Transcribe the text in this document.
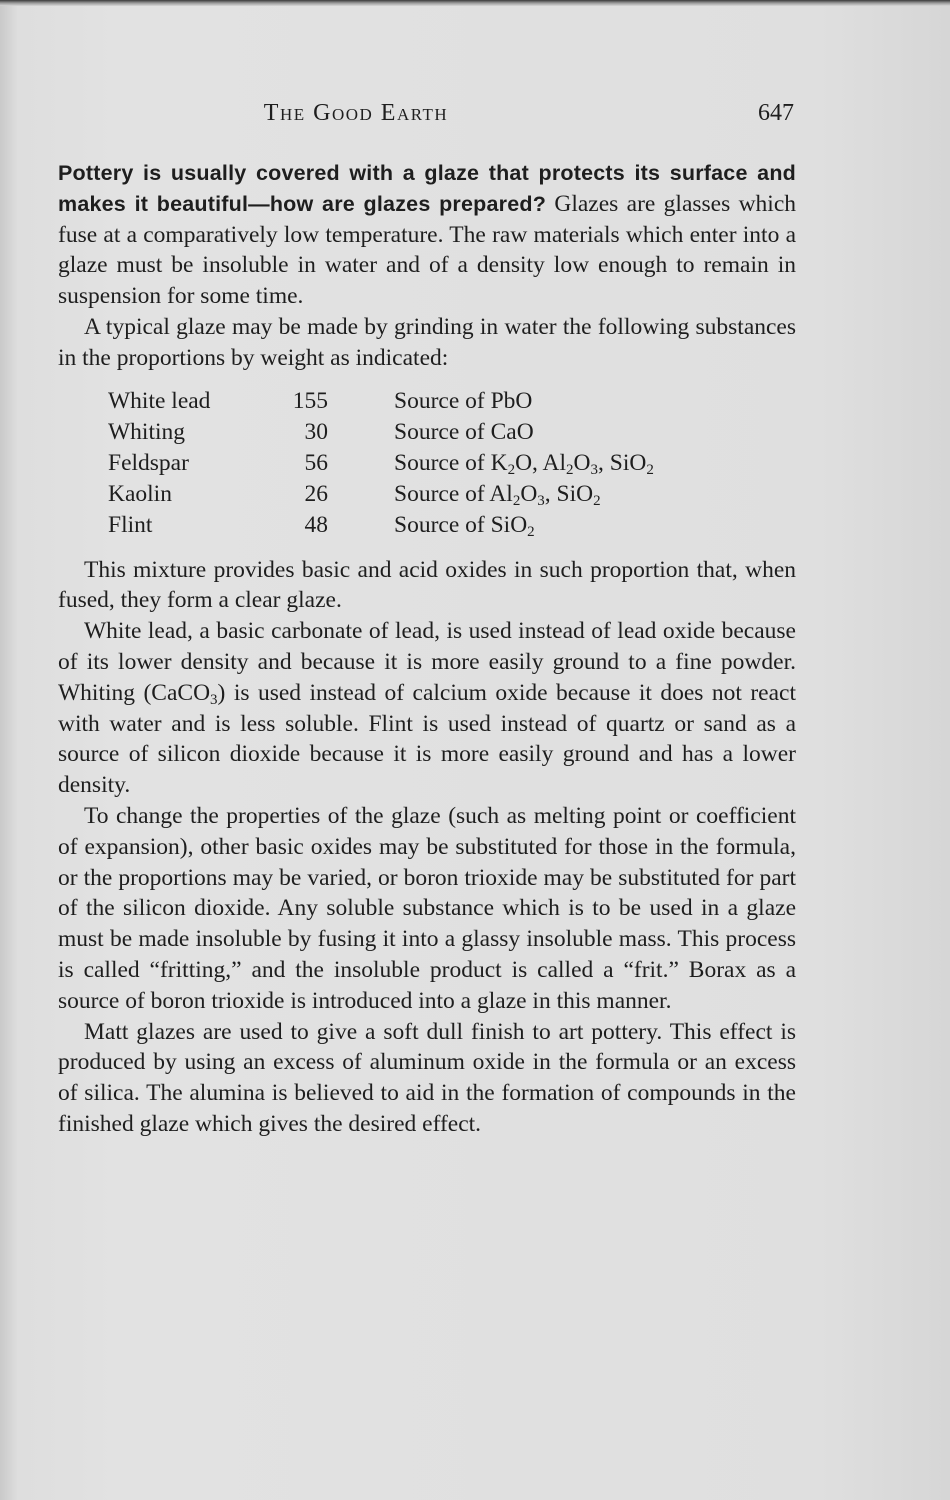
The Good Earth	647

Pottery is usually covered with a glaze that protects its surface and makes it beautiful—how are glazes prepared? Glazes are glasses which fuse at a comparatively low temperature. The raw materials which enter into a glaze must be insoluble in water and of a density low enough to remain in suspension for some time.

A typical glaze may be made by grinding in water the following substances in the proportions by weight as indicated:

White lead	155	Source of PbO
Whiting	30	Source of CaO
Feldspar	56	Source of $K_2O$, $Al_2O_3$, SiO$_2$
Kaolin	26	Source of $Al_2O_3$, SiO$_2$
Flint	48	Source of SiO$_2$

This mixture provides basic and acid oxides in such proportion that, when fused, they form a clear glaze.

White lead, a basic carbonate of lead, is used instead of lead oxide because of its lower density and because it is more easily ground to a fine powder. Whiting (CaCO$_3$) is used instead of calcium oxide because it does not react with water and is less soluble. Flint is used instead of quartz or sand as a source of silicon dioxide because it is more easily ground and has a lower density.

To change the properties of the glaze (such as melting point or coefficient of expansion), other basic oxides may be substituted for those in the formula, or the proportions may be varied, or boron trioxide may be substituted for part of the silicon dioxide. Any soluble substance which is to be used in a glaze must be made insoluble by fusing it into a glassy insoluble mass. This process is called “fritting,” and the insoluble product is called a “frit.” Borax as a source of boron trioxide is introduced into a glaze in this manner.

Matt glazes are used to give a soft dull finish to art pottery. This effect is produced by using an excess of aluminum oxide in the formula or an excess of silica. The alumina is believed to aid in the formation of compounds in the finished glaze which gives the desired effect.
